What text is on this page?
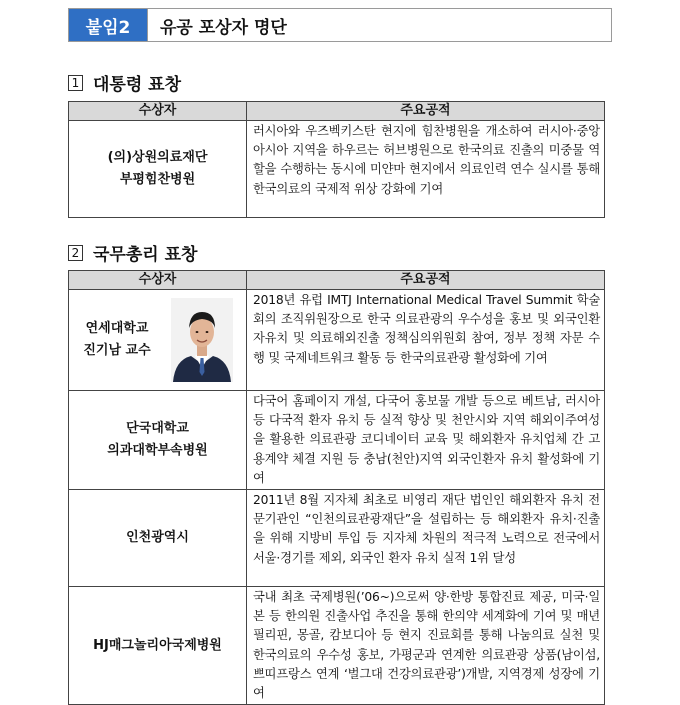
붙임2	유공 포상자 명단
1 대통령 표창
수상자	주요공적

(의)상원의료재단
부평힘찬병원	러시아와 우즈벡키스탄 현지에 힘찬병원을 개소하여 러시아·중앙아시아 지역을 하우르는 허브병원으로 한국의료 진출의 미중물 역할을 수행하는 동시에 미얀마 현지에서 의료인력 연수 실시를 통해 한국의료의 국제적 위상 강화에 기여
2 국무총리 표창
수상자	주요공적

연세대학교
진기남 교수	2018년 유럽 IMTJ International Medical Travel Summit 학술회의 조직위원장으로 한국 의료관광의 우수성을 홍보 및 외국인환자유치 및 의료해외진출 정책심의위원회 참여, 정부 정책 자문 수행 및 국제네트워크 활동 등 한국의료관광 활성화에 기여

단국대학교
의과대학부속병원	다국어 홈페이지 개설, 다국어 홍보물 개발 등으로 베트남, 러시아 등 다국적 환자 유치 등 실적 향상 및 천안시와 지역 해외이주여성을 활용한 의료관광 코디네이터 교육 및 해외환자 유치업체 간 고용계약 체결 지원 등 충남(천안)지역 외국인환자 유치 활성화에 기여

인천광역시	2011년 8월 지자체 최초로 비영리 재단 법인인 해외환자 유치 전문기관인 “인천의료관광재단”을 설립하는 등 해외환자 유치·진출을 위해 지방비 투입 등 지자체 차원의 적극적 노력으로 전국에서 서울·경기를 제외, 외국인 환자 유치 실적 1위 달성

HJ매그놀리아국제병원	국내 최초 국제병원(’06~)으로써 양·한방 통합진료 제공, 미국·일본 등 한의원 진출사업 추진을 통해 한의약 세계화에 기여 및 매년 필리핀, 몽골, 캄보디아 등 현지 진료회를 통해 나눔의료 실천 및 한국의료의 우수성 홍보, 가평군과 연계한 의료관광 상품(남이섬, 쁘띠프랑스 연계 ‘벌그대 건강의료관광’)개발, 지역경제 성장에 기여
